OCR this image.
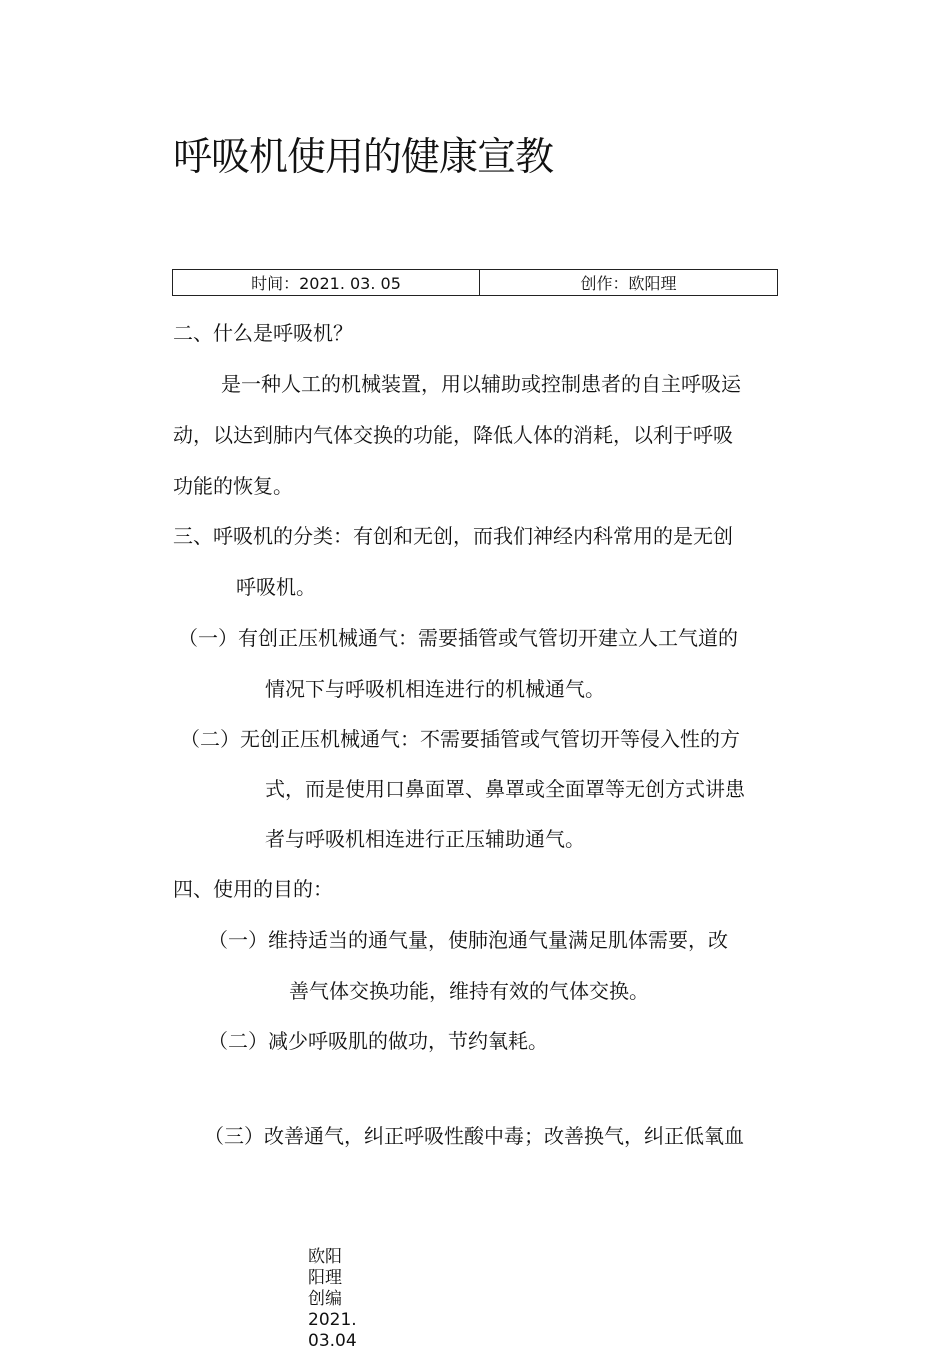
呼吸机使用的健康宣教
时间：2021. 03. 05	创作：欧阳理
二、什么是呼吸机？
是一种人工的机械装置，用以辅助或控制患者的自主呼吸运
动，以达到肺内气体交换的功能，降低人体的消耗，以利于呼吸
功能的恢复。
三、呼吸机的分类：有创和无创，而我们神经内科常用的是无创
呼吸机。
（一）有创正压机械通气：需要插管或气管切开建立人工气道的
情况下与呼吸机相连进行的机械通气。
（二）无创正压机械通气：不需要插管或气管切开等侵入性的方
式，而是使用口鼻面罩、鼻罩或全面罩等无创方式讲患
者与呼吸机相连进行正压辅助通气。
四、使用的目的：
（一）维持适当的通气量，使肺泡通气量满足肌体需要，改
善气体交换功能，维持有效的气体交换。
（二）减少呼吸肌的做功，节约氧耗。
（三）改善通气，纠正呼吸性酸中毒；改善换气，纠正低氧血
欧阳
阳理
创编
2021.
03.04
